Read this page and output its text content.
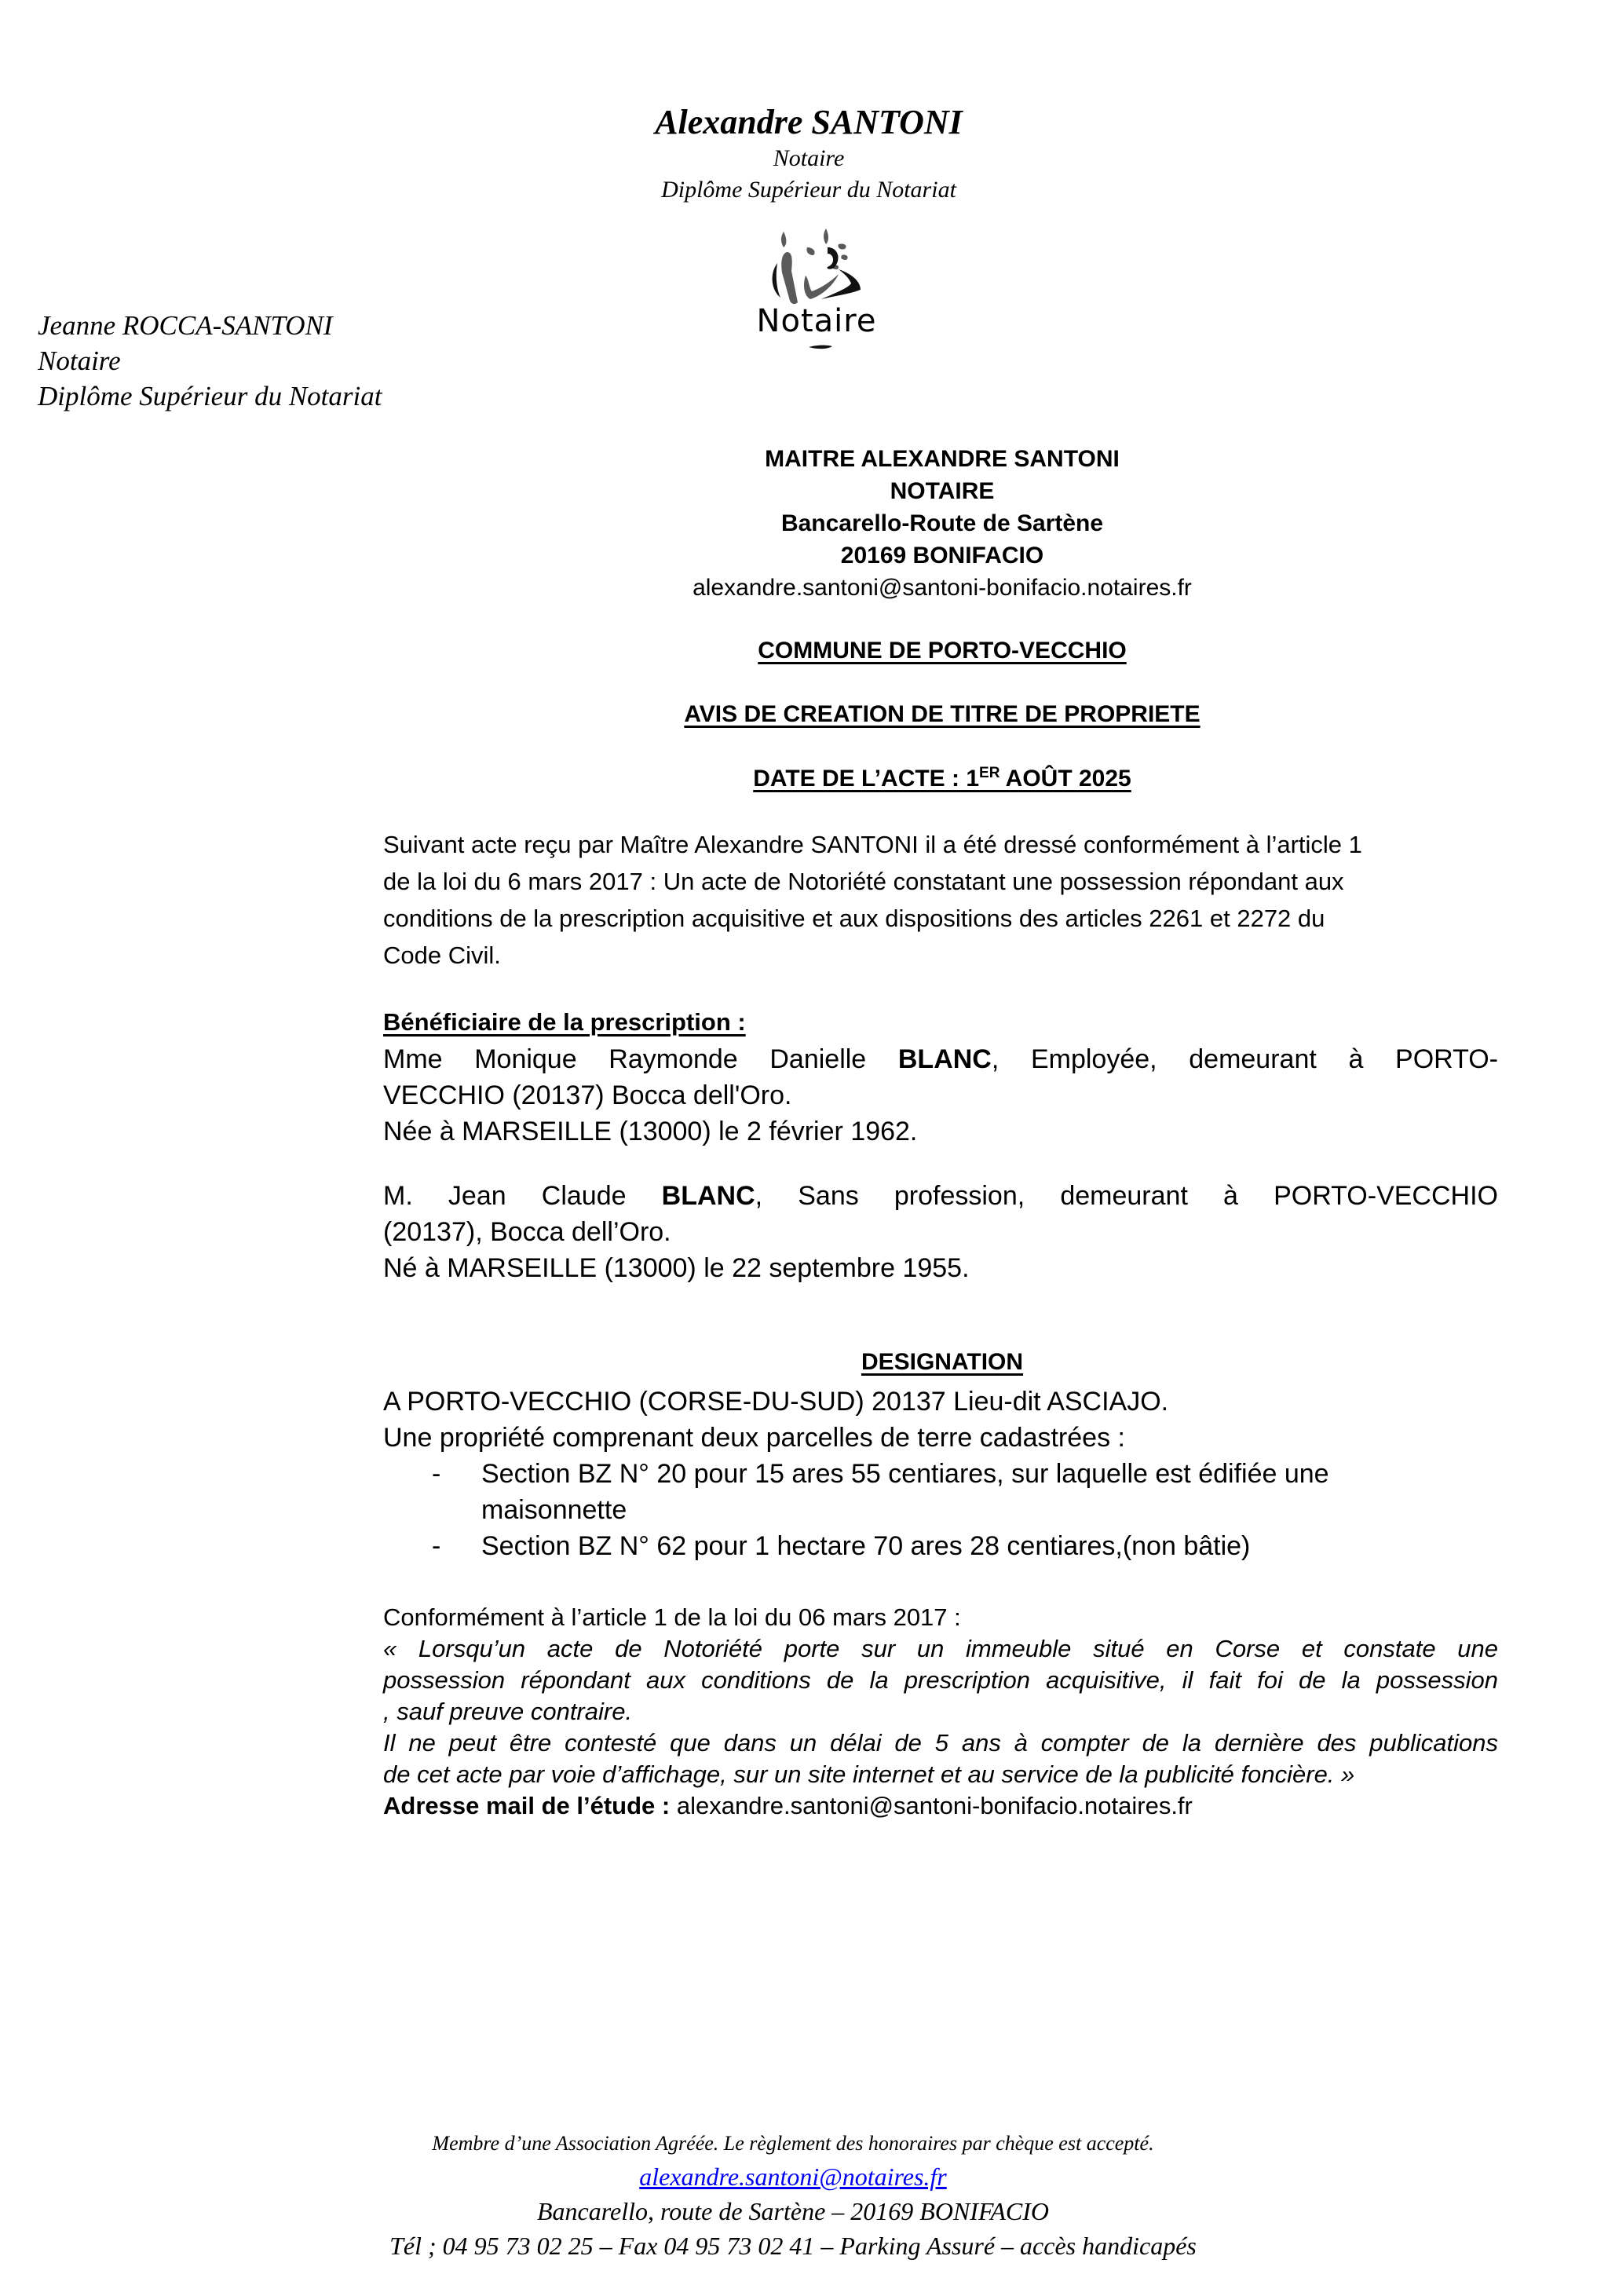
Alexandre SANTONI
Notaire
Diplôme Supérieur du Notariat
Notaire
Jeanne ROCCA-SANTONI
Notaire
Diplôme Supérieur du Notariat
MAITRE ALEXANDRE SANTONI
NOTAIRE
Bancarello-Route de Sartène
20169 BONIFACIO
alexandre.santoni@santoni-bonifacio.notaires.fr
COMMUNE DE PORTO-VECCHIO
AVIS DE CREATION DE TITRE DE PROPRIETE
DATE DE L’ACTE : 1ER AOÛT 2025
Suivant acte reçu par Maître Alexandre SANTONI il a été dressé conformément à l’article 1
de la loi du 6 mars 2017 : Un acte de Notoriété constatant une possession répondant aux
conditions de la prescription acquisitive et aux dispositions des articles 2261 et 2272 du
Code Civil.
Bénéficiaire de la prescription :
Mme Monique Raymonde Danielle BLANC, Employée, demeurant à PORTO-
VECCHIO (20137) Bocca dell'Oro.
Née à MARSEILLE (13000) le 2 février 1962.
M. Jean Claude BLANC, Sans profession, demeurant à PORTO-VECCHIO
(20137), Bocca dell’Oro.
Né à MARSEILLE (13000) le 22 septembre 1955.
DESIGNATION
A PORTO-VECCHIO (CORSE-DU-SUD) 20137 Lieu-dit ASCIAJO.
Une propriété comprenant deux parcelles de terre cadastrées :
- Section BZ N° 20 pour 15 ares 55 centiares, sur laquelle est édifiée une
maisonnette
- Section BZ N° 62 pour 1 hectare 70 ares 28 centiares,(non bâtie)
Conformément à l’article 1 de la loi du 06 mars 2017 :
« Lorsqu’un acte de Notoriété porte sur un immeuble situé en Corse et constate une
possession répondant aux conditions de la prescription acquisitive, il fait foi de la possession
, sauf preuve contraire.
Il ne peut être contesté que dans un délai de 5 ans à compter de la dernière des publications
de cet acte par voie d’affichage, sur un site internet et au service de la publicité foncière. »
Adresse mail de l’étude : alexandre.santoni@santoni-bonifacio.notaires.fr
Membre d’une Association Agréée. Le règlement des honoraires par chèque est accepté.
alexandre.santoni@notaires.fr
Bancarello, route de Sartène – 20169 BONIFACIO
Tél ; 04 95 73 02 25 – Fax 04 95 73 02 41 – Parking Assuré – accès handicapés
